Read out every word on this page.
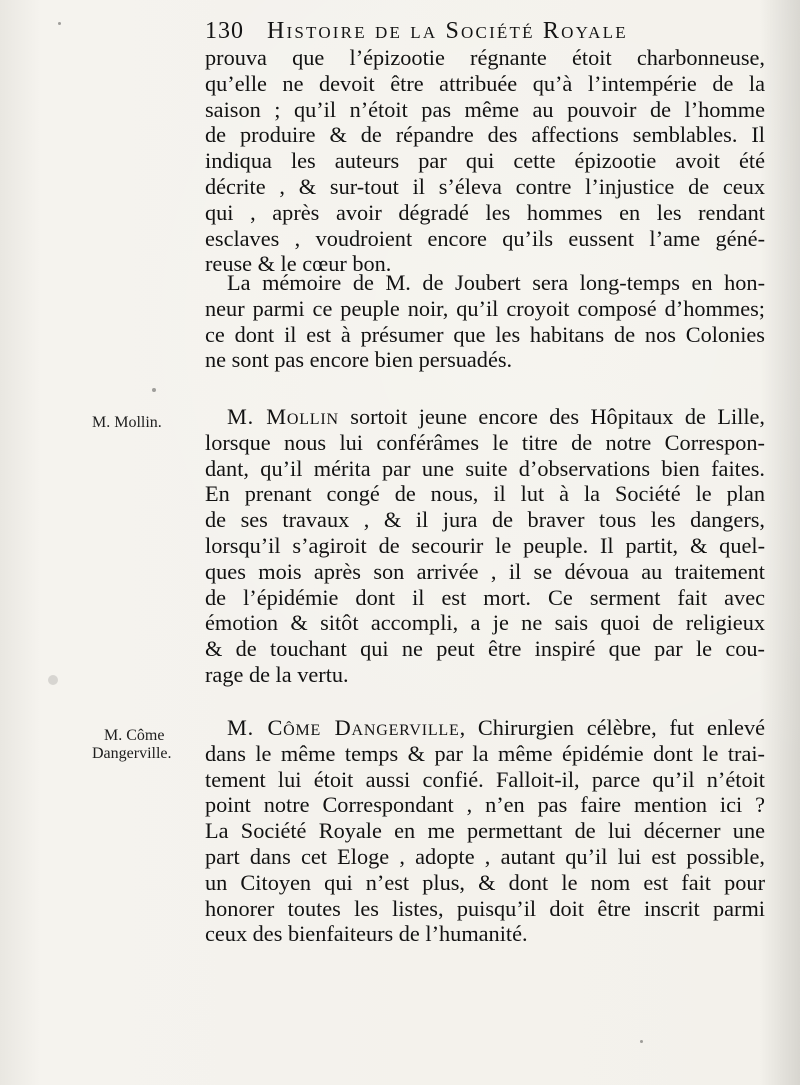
130 Histoire de la Société Royale
prouva que l’épizootie régnante étoit charbonneuse,
qu’elle ne devoit être attribuée qu’à l’intempérie de la
saison ; qu’il n’étoit pas même au pouvoir de l’homme
de produire & de répandre des affections semblables. Il
indiqua les auteurs par qui cette épizootie avoit été
décrite , & sur-tout il s’éleva contre l’injustice de ceux
qui , après avoir dégradé les hommes en les rendant
esclaves , voudroient encore qu’ils eussent l’ame géné-
reuse & le cœur bon.
La mémoire de M. de Joubert sera long-temps en hon-
neur parmi ce peuple noir, qu’il croyoit composé d’hommes;
ce dont il est à présumer que les habitans de nos Colonies
ne sont pas encore bien persuadés.
M. Mollin.	M. Mollin sortoit jeune encore des Hôpitaux de Lille,
lorsque nous lui conférâmes le titre de notre Correspon-
dant, qu’il mérita par une suite d’observations bien faites.
En prenant congé de nous, il lut à la Société le plan
de ses travaux , & il jura de braver tous les dangers,
lorsqu’il s’agiroit de secourir le peuple. Il partit, & quel-
ques mois après son arrivée , il se dévoua au traitement
de l’épidémie dont il est mort. Ce serment fait avec
émotion & sitôt accompli, a je ne sais quoi de religieux
& de touchant qui ne peut être inspiré que par le cou-
rage de la vertu.
M. Côme
Dangerville.
M. Côme Dangerville, Chirurgien célèbre, fut enlevé
dans le même temps & par la même épidémie dont le trai-
tement lui étoit aussi confié. Falloit-il, parce qu’il n’étoit
point notre Correspondant , n’en pas faire mention ici ?
La Société Royale en me permettant de lui décerner une
part dans cet Eloge , adopte , autant qu’il lui est possible,
un Citoyen qui n’est plus, & dont le nom est fait pour
honorer toutes les listes, puisqu’il doit être inscrit parmi
ceux des bienfaiteurs de l’humanité.
